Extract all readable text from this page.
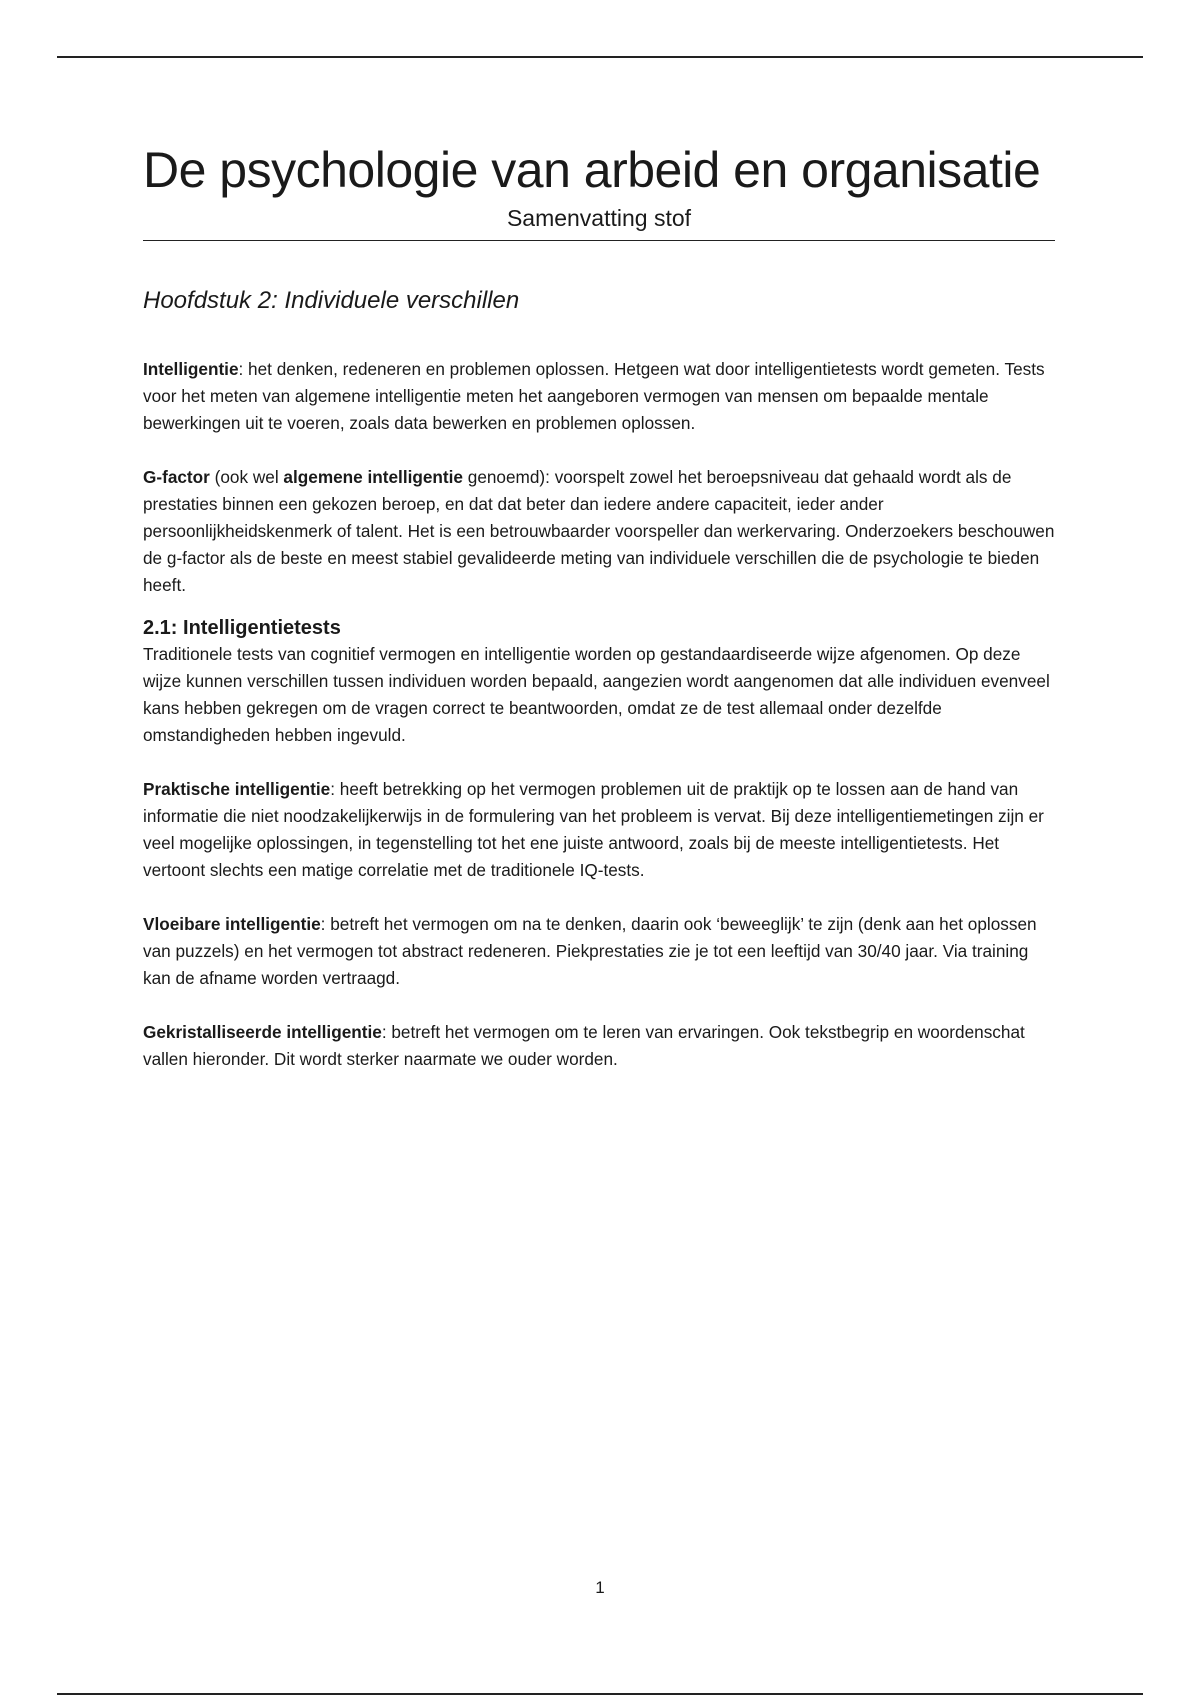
De psychologie van arbeid en organisatie
Samenvatting stof
Hoofdstuk 2: Individuele verschillen

Intelligentie: het denken, redeneren en problemen oplossen. Hetgeen wat door intelligentietests wordt gemeten. Tests voor het meten van algemene intelligentie meten het aangeboren vermogen van mensen om bepaalde mentale bewerkingen uit te voeren, zoals data bewerken en problemen oplossen.

G-factor (ook wel algemene intelligentie genoemd): voorspelt zowel het beroepsniveau dat gehaald wordt als de prestaties binnen een gekozen beroep, en dat dat beter dan iedere andere capaciteit, ieder ander persoonlijkheidskenmerk of talent. Het is een betrouwbaarder voorspeller dan werkervaring. Onderzoekers beschouwen de g-factor als de beste en meest stabiel gevalideerde meting van individuele verschillen die de psychologie te bieden heeft.

2.1: Intelligentietests

Traditionele tests van cognitief vermogen en intelligentie worden op gestandaardiseerde wijze afgenomen. Op deze wijze kunnen verschillen tussen individuen worden bepaald, aangezien wordt aangenomen dat alle individuen evenveel kans hebben gekregen om de vragen correct te beantwoorden, omdat ze de test allemaal onder dezelfde omstandigheden hebben ingevuld.

Praktische intelligentie: heeft betrekking op het vermogen problemen uit de praktijk op te lossen aan de hand van informatie die niet noodzakelijkerwijs in de formulering van het probleem is vervat. Bij deze intelligentiemetingen zijn er veel mogelijke oplossingen, in tegenstelling tot het ene juiste antwoord, zoals bij de meeste intelligentietests. Het vertoont slechts een matige correlatie met de traditionele IQ-tests.

Vloeibare intelligentie: betreft het vermogen om na te denken, daarin ook ‘beweeglijk’ te zijn (denk aan het oplossen van puzzels) en het vermogen tot abstract redeneren. Piekprestaties zie je tot een leeftijd van 30/40 jaar. Via training kan de afname worden vertraagd.

Gekristalliseerde intelligentie: betreft het vermogen om te leren van ervaringen. Ook tekstbegrip en woordenschat vallen hieronder. Dit wordt sterker naarmate we ouder worden.

1
